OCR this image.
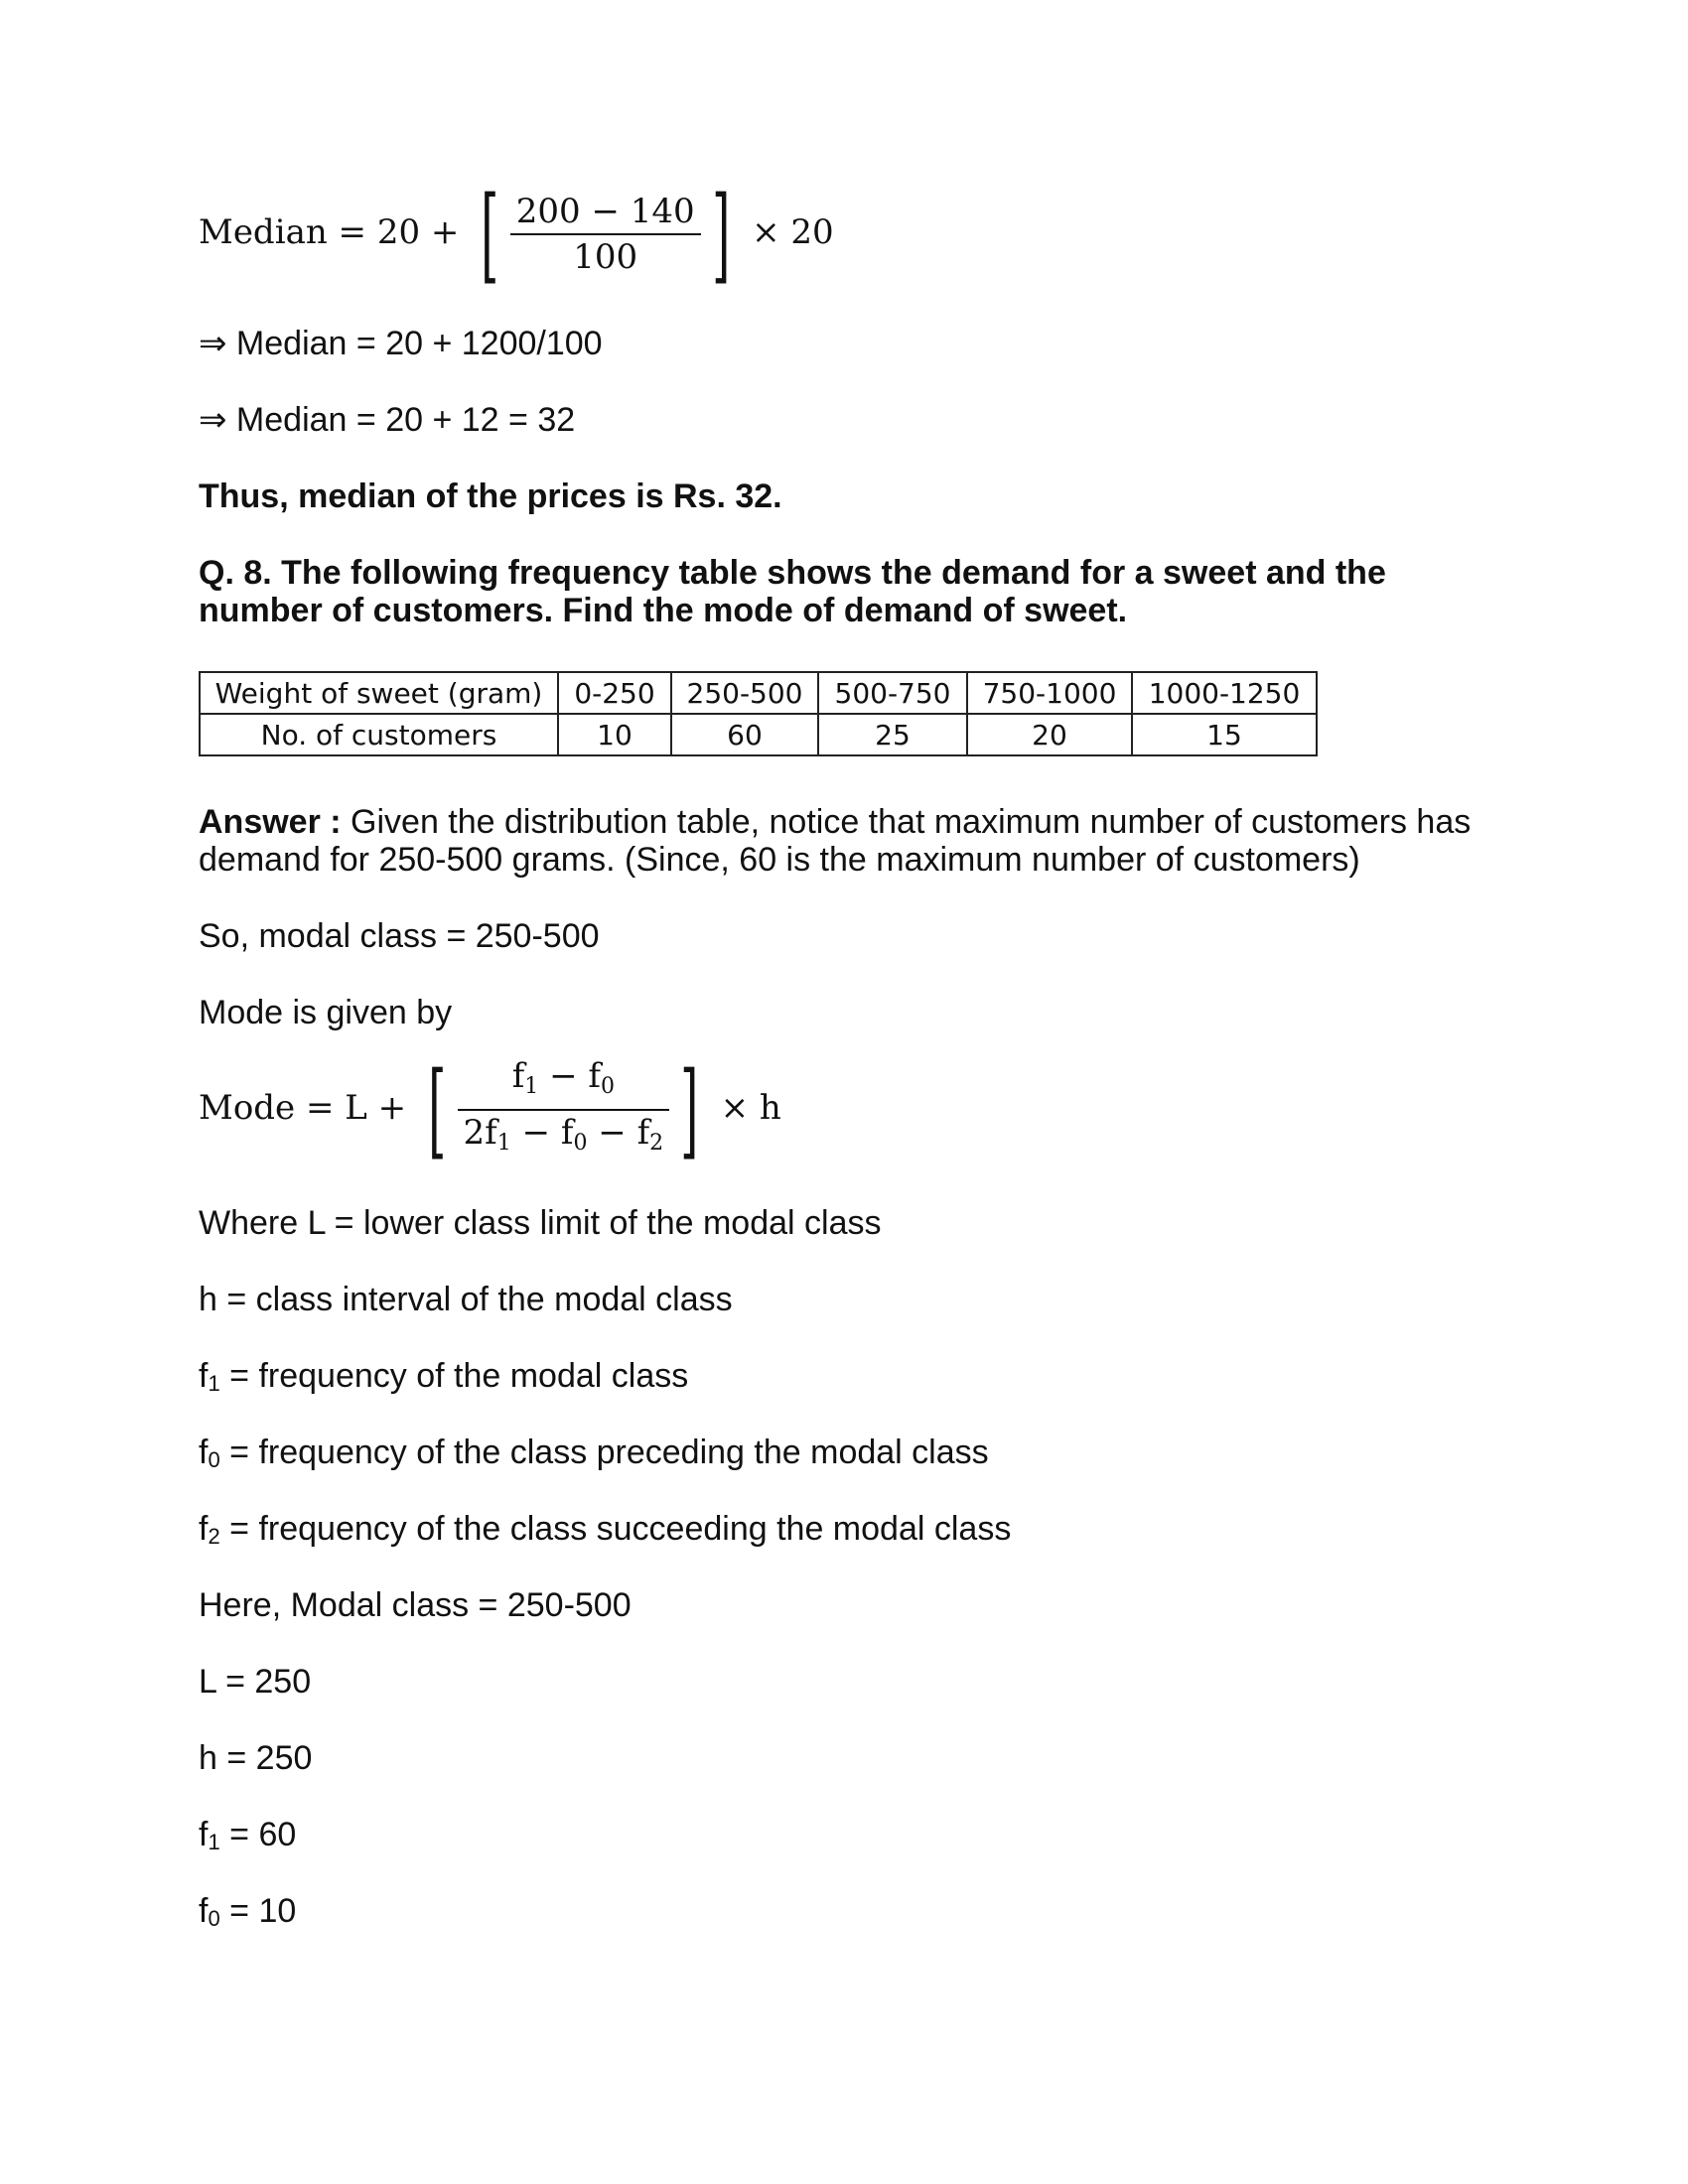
Median = 20 + [ $\frac{200 - 140}{100}$ ] × 20
⇒ Median = 20 + 1200/100
⇒ Median = 20 + 12 = 32
Thus, median of the prices is Rs. 32.
Q. 8. The following frequency table shows the demand for a sweet and the
number of customers. Find the mode of demand of sweet.
Weight of sweet (gram)	0-250	250-500	500-750	750-1000	1000-1250
No. of customers	10	60	25	20	15
Answer : Given the distribution table, notice that maximum number of customers has
demand for 250-500 grams. (Since, 60 is the maximum number of customers)
So, modal class = 250-500
Mode is given by
Mode = L + [ $\frac{f_1 - f_0}{2f_1 - f_0 - f_2}$ ] × h
Where L = lower class limit of the modal class
h = class interval of the modal class
f1 = frequency of the modal class
f0 = frequency of the class preceding the modal class
f2 = frequency of the class succeeding the modal class
Here, Modal class = 250-500
L = 250
h = 250
f1 = 60
f0 = 10
